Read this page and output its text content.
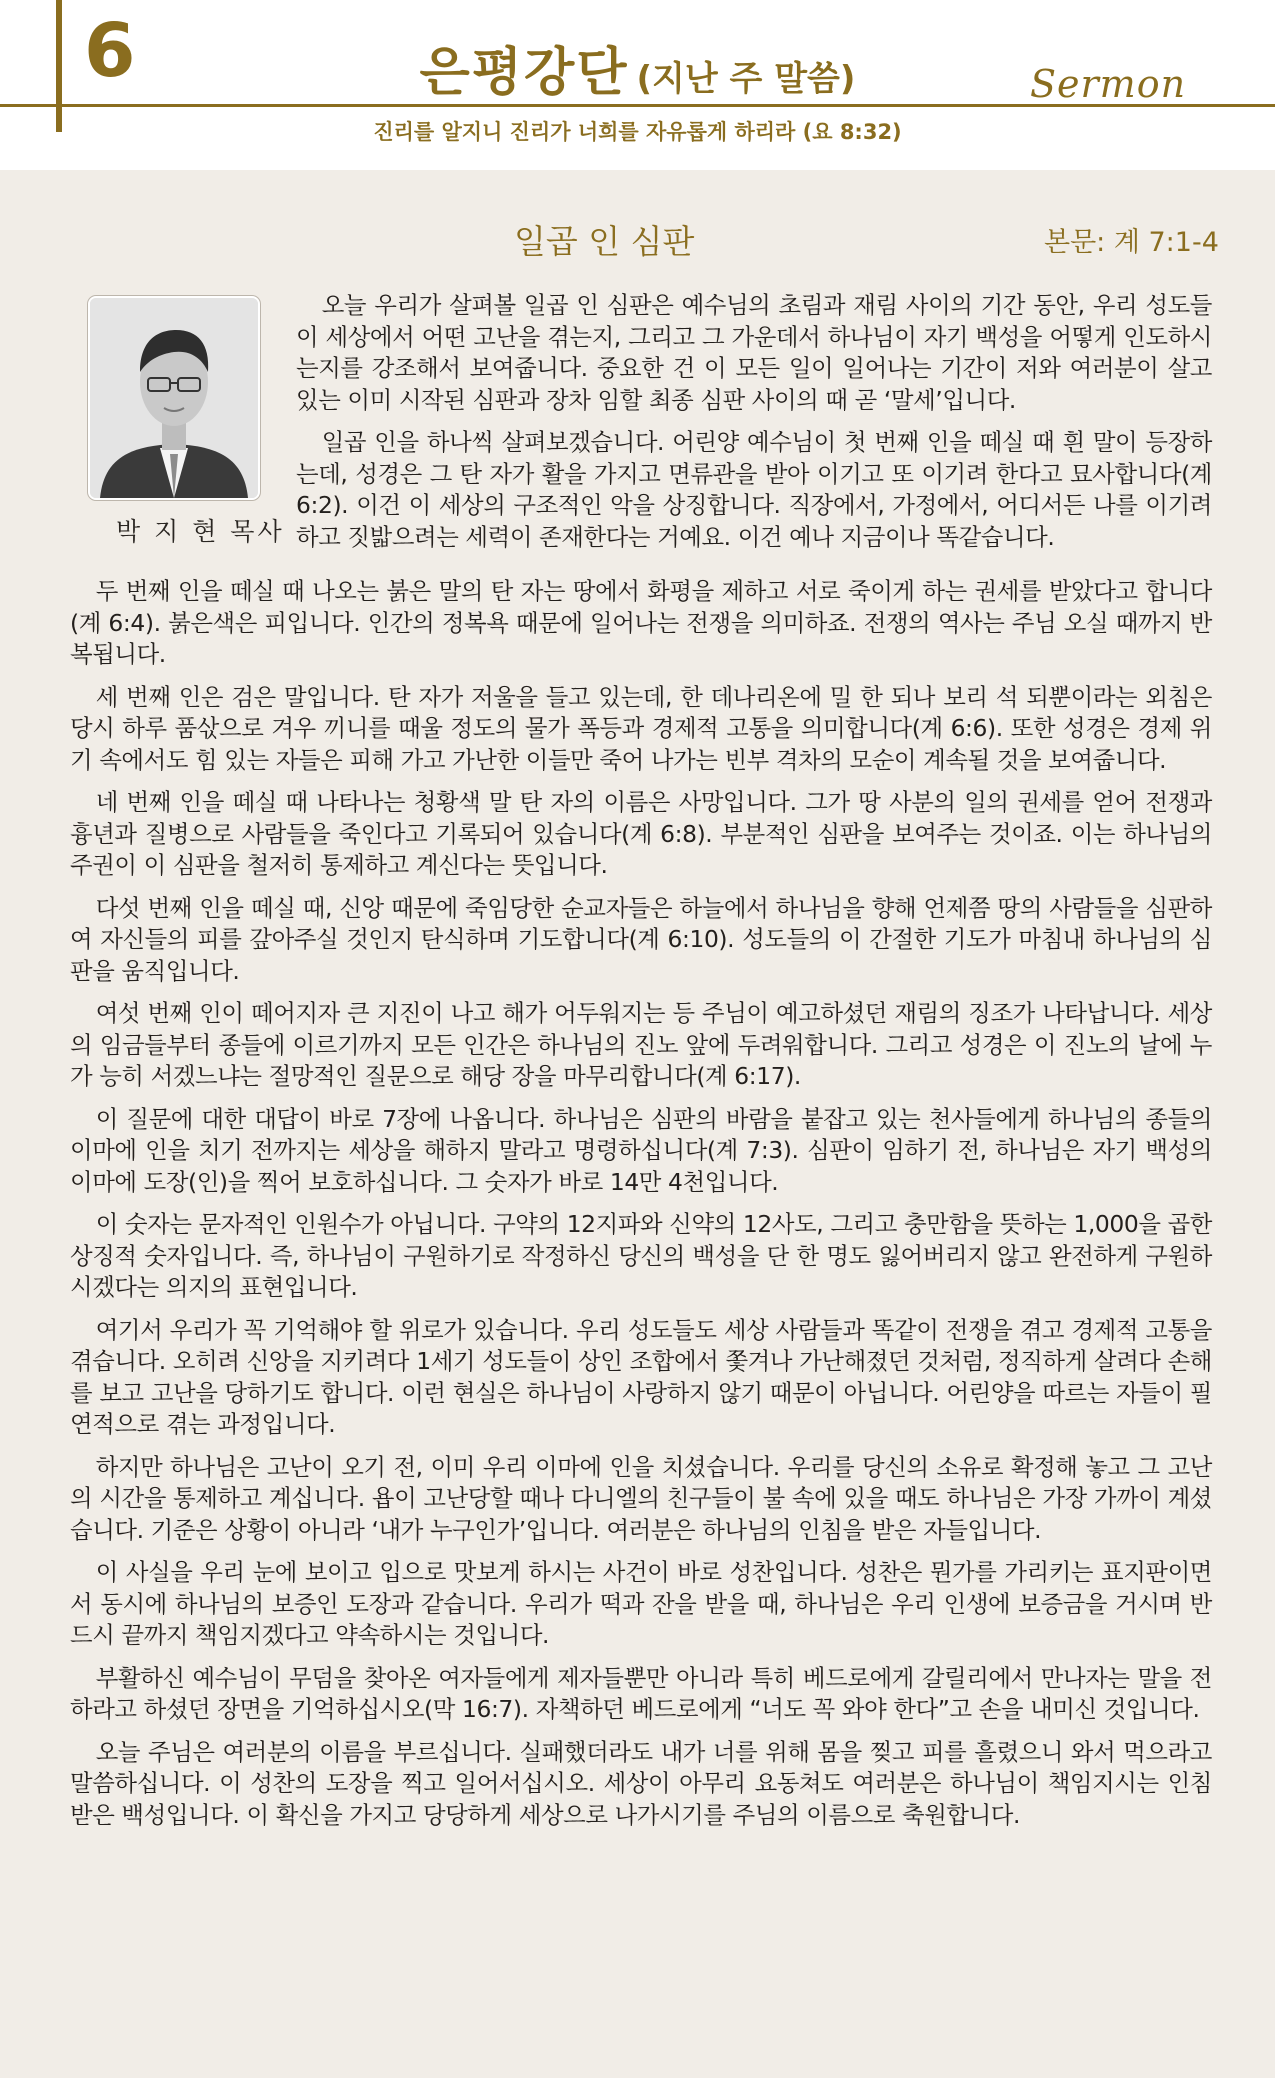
6	은평강단 (지난 주 말씀)	Sermon
진리를 알지니 진리가 너희를 자유롭게 하리라 (요 8:32)
일곱 인 심판	본문: 계 7:1-4
박 지 현 목사

오늘 우리가 살펴볼 일곱 인 심판은 예수님의 초림과 재림 사이의 기간 동안, 우리 성도들이 세상에서 어떤 고난을 겪는지, 그리고 그 가운데서 하나님이 자기 백성을 어떻게 인도하시는지를 강조해서 보여줍니다. 중요한 건 이 모든 일이 일어나는 기간이 저와 여러분이 살고 있는 이미 시작된 심판과 장차 임할 최종 심판 사이의 때 곧 ‘말세’입니다.

일곱 인을 하나씩 살펴보겠습니다. 어린양 예수님이 첫 번째 인을 떼실 때 흰 말이 등장하는데, 성경은 그 탄 자가 활을 가지고 면류관을 받아 이기고 또 이기려 한다고 묘사합니다(계 6:2). 이건 이 세상의 구조적인 악을 상징합니다. 직장에서, 가정에서, 어디서든 나를 이기려 하고 짓밟으려는 세력이 존재한다는 거예요. 이건 예나 지금이나 똑같습니다.

두 번째 인을 떼실 때 나오는 붉은 말의 탄 자는 땅에서 화평을 제하고 서로 죽이게 하는 권세를 받았다고 합니다(계 6:4). 붉은색은 피입니다. 인간의 정복욕 때문에 일어나는 전쟁을 의미하죠. 전쟁의 역사는 주님 오실 때까지 반복됩니다.

세 번째 인은 검은 말입니다. 탄 자가 저울을 들고 있는데, 한 데나리온에 밀 한 되나 보리 석 되뿐이라는 외침은 당시 하루 품삯으로 겨우 끼니를 때울 정도의 물가 폭등과 경제적 고통을 의미합니다(계 6:6). 또한 성경은 경제 위기 속에서도 힘 있는 자들은 피해 가고 가난한 이들만 죽어 나가는 빈부 격차의 모순이 계속될 것을 보여줍니다.

네 번째 인을 떼실 때 나타나는 청황색 말 탄 자의 이름은 사망입니다. 그가 땅 사분의 일의 권세를 얻어 전쟁과 흉년과 질병으로 사람들을 죽인다고 기록되어 있습니다(계 6:8). 부분적인 심판을 보여주는 것이죠. 이는 하나님의 주권이 이 심판을 철저히 통제하고 계신다는 뜻입니다.

다섯 번째 인을 떼실 때, 신앙 때문에 죽임당한 순교자들은 하늘에서 하나님을 향해 언제쯤 땅의 사람들을 심판하여 자신들의 피를 갚아주실 것인지 탄식하며 기도합니다(계 6:10). 성도들의 이 간절한 기도가 마침내 하나님의 심판을 움직입니다.

여섯 번째 인이 떼어지자 큰 지진이 나고 해가 어두워지는 등 주님이 예고하셨던 재림의 징조가 나타납니다. 세상의 임금들부터 종들에 이르기까지 모든 인간은 하나님의 진노 앞에 두려워합니다. 그리고 성경은 이 진노의 날에 누가 능히 서겠느냐는 절망적인 질문으로 해당 장을 마무리합니다(계 6:17).

이 질문에 대한 대답이 바로 7장에 나옵니다. 하나님은 심판의 바람을 붙잡고 있는 천사들에게 하나님의 종들의 이마에 인을 치기 전까지는 세상을 해하지 말라고 명령하십니다(계 7:3). 심판이 임하기 전, 하나님은 자기 백성의 이마에 도장(인)을 찍어 보호하십니다. 그 숫자가 바로 14만 4천입니다.

이 숫자는 문자적인 인원수가 아닙니다. 구약의 12지파와 신약의 12사도, 그리고 충만함을 뜻하는 1,000을 곱한 상징적 숫자입니다. 즉, 하나님이 구원하기로 작정하신 당신의 백성을 단 한 명도 잃어버리지 않고 완전하게 구원하시겠다는 의지의 표현입니다.

여기서 우리가 꼭 기억해야 할 위로가 있습니다. 우리 성도들도 세상 사람들과 똑같이 전쟁을 겪고 경제적 고통을 겪습니다. 오히려 신앙을 지키려다 1세기 성도들이 상인 조합에서 쫓겨나 가난해졌던 것처럼, 정직하게 살려다 손해를 보고 고난을 당하기도 합니다. 이런 현실은 하나님이 사랑하지 않기 때문이 아닙니다. 어린양을 따르는 자들이 필연적으로 겪는 과정입니다.

하지만 하나님은 고난이 오기 전, 이미 우리 이마에 인을 치셨습니다. 우리를 당신의 소유로 확정해 놓고 그 고난의 시간을 통제하고 계십니다. 욥이 고난당할 때나 다니엘의 친구들이 불 속에 있을 때도 하나님은 가장 가까이 계셨습니다. 기준은 상황이 아니라 ‘내가 누구인가’입니다. 여러분은 하나님의 인침을 받은 자들입니다.

이 사실을 우리 눈에 보이고 입으로 맛보게 하시는 사건이 바로 성찬입니다. 성찬은 뭔가를 가리키는 표지판이면서 동시에 하나님의 보증인 도장과 같습니다. 우리가 떡과 잔을 받을 때, 하나님은 우리 인생에 보증금을 거시며 반드시 끝까지 책임지겠다고 약속하시는 것입니다.

부활하신 예수님이 무덤을 찾아온 여자들에게 제자들뿐만 아니라 특히 베드로에게 갈릴리에서 만나자는 말을 전하라고 하셨던 장면을 기억하십시오(막 16:7). 자책하던 베드로에게 “너도 꼭 와야 한다”고 손을 내미신 것입니다.

오늘 주님은 여러분의 이름을 부르십니다. 실패했더라도 내가 너를 위해 몸을 찢고 피를 흘렸으니 와서 먹으라고 말씀하십니다. 이 성찬의 도장을 찍고 일어서십시오. 세상이 아무리 요동쳐도 여러분은 하나님이 책임지시는 인침 받은 백성입니다. 이 확신을 가지고 당당하게 세상으로 나가시기를 주님의 이름으로 축원합니다.
